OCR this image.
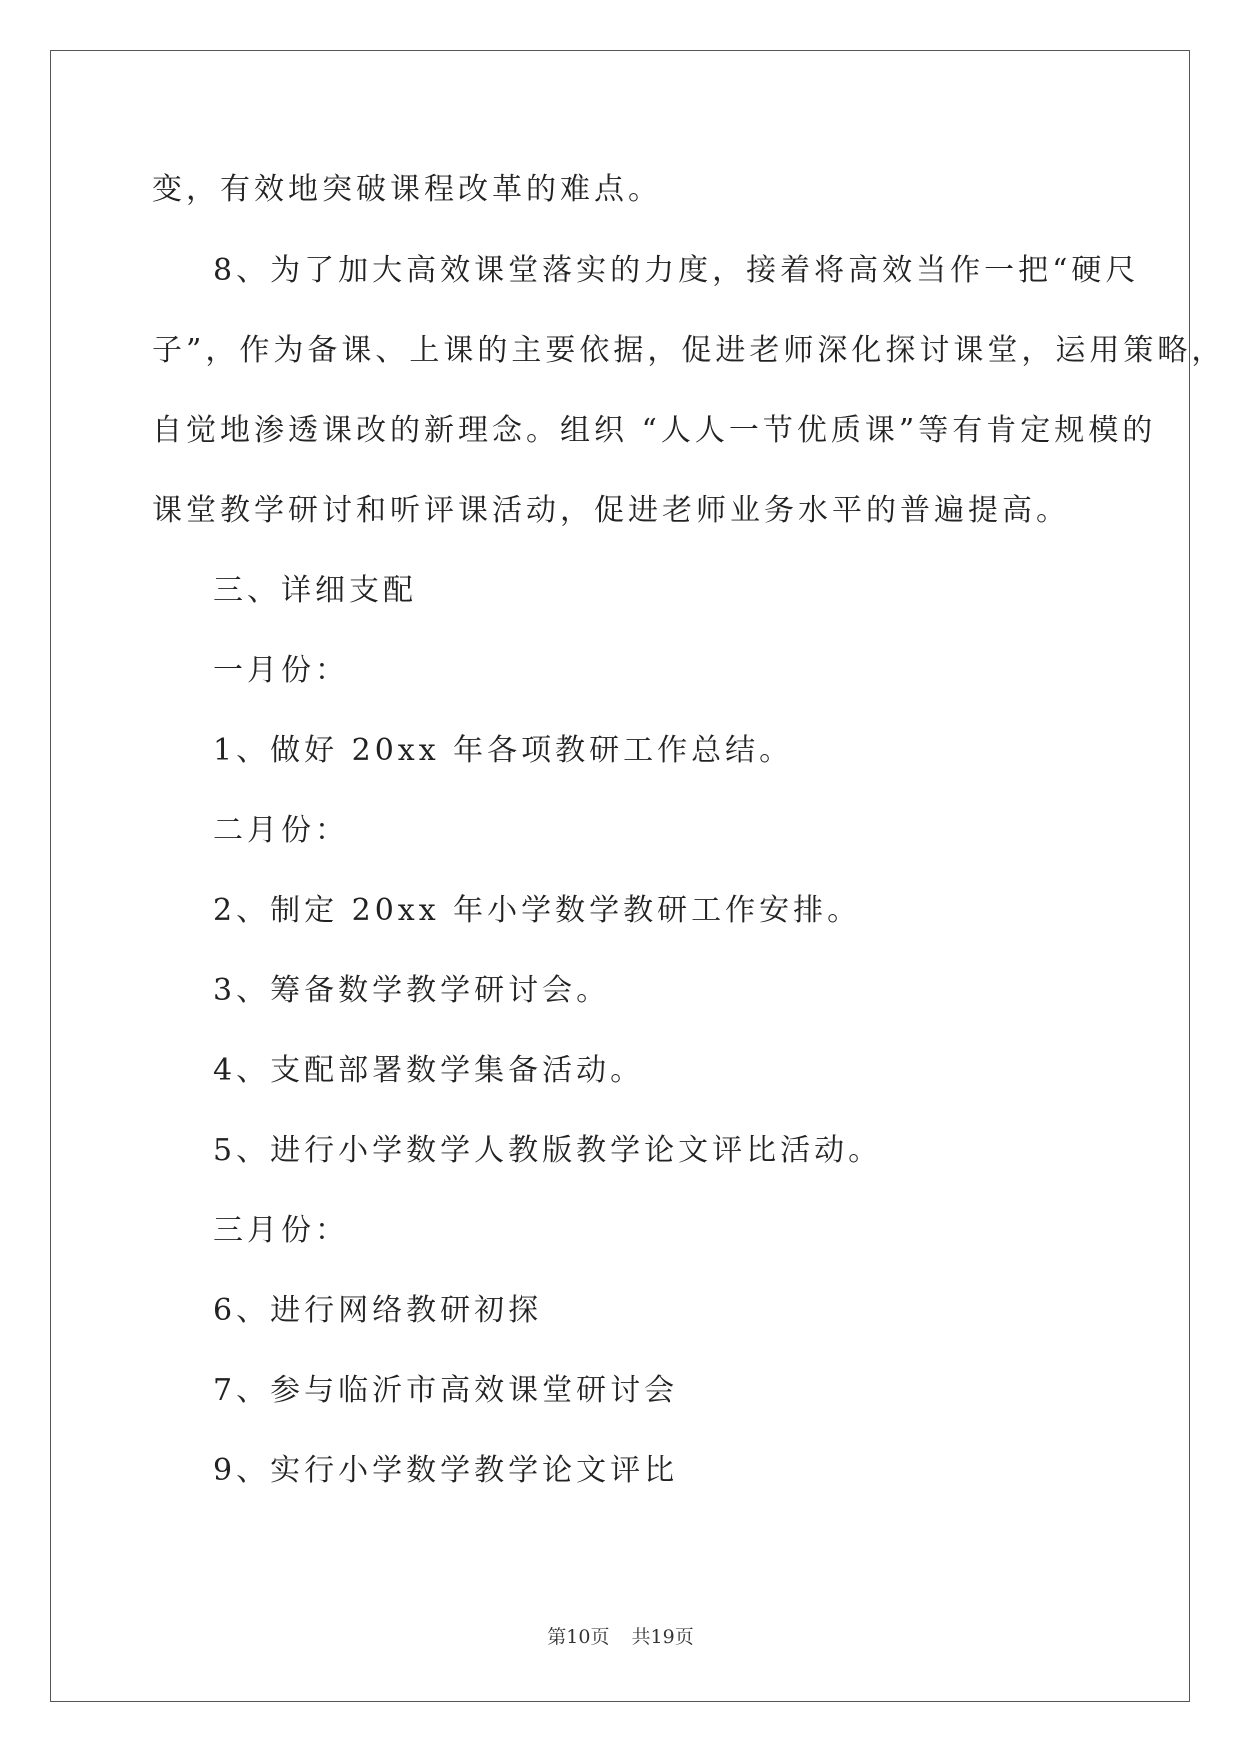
变，有效地突破课程改革的难点。
8、为了加大高效课堂落实的力度，接着将高效当作一把“硬尺
子”，作为备课、上课的主要依据，促进老师深化探讨课堂，运用策略，
自觉地渗透课改的新理念。组织 “人人一节优质课”等有肯定规模的
课堂教学研讨和听评课活动，促进老师业务水平的普遍提高。
三、详细支配
一月份：
1、做好 20xx 年各项教研工作总结。
二月份：
2、制定 20xx 年小学数学教研工作安排。
3、筹备数学教学研讨会。
4、支配部署数学集备活动。
5、进行小学数学人教版教学论文评比活动。
三月份：
6、进行网络教研初探
7、参与临沂市高效课堂研讨会
9、实行小学数学教学论文评比
第10页 共19页
